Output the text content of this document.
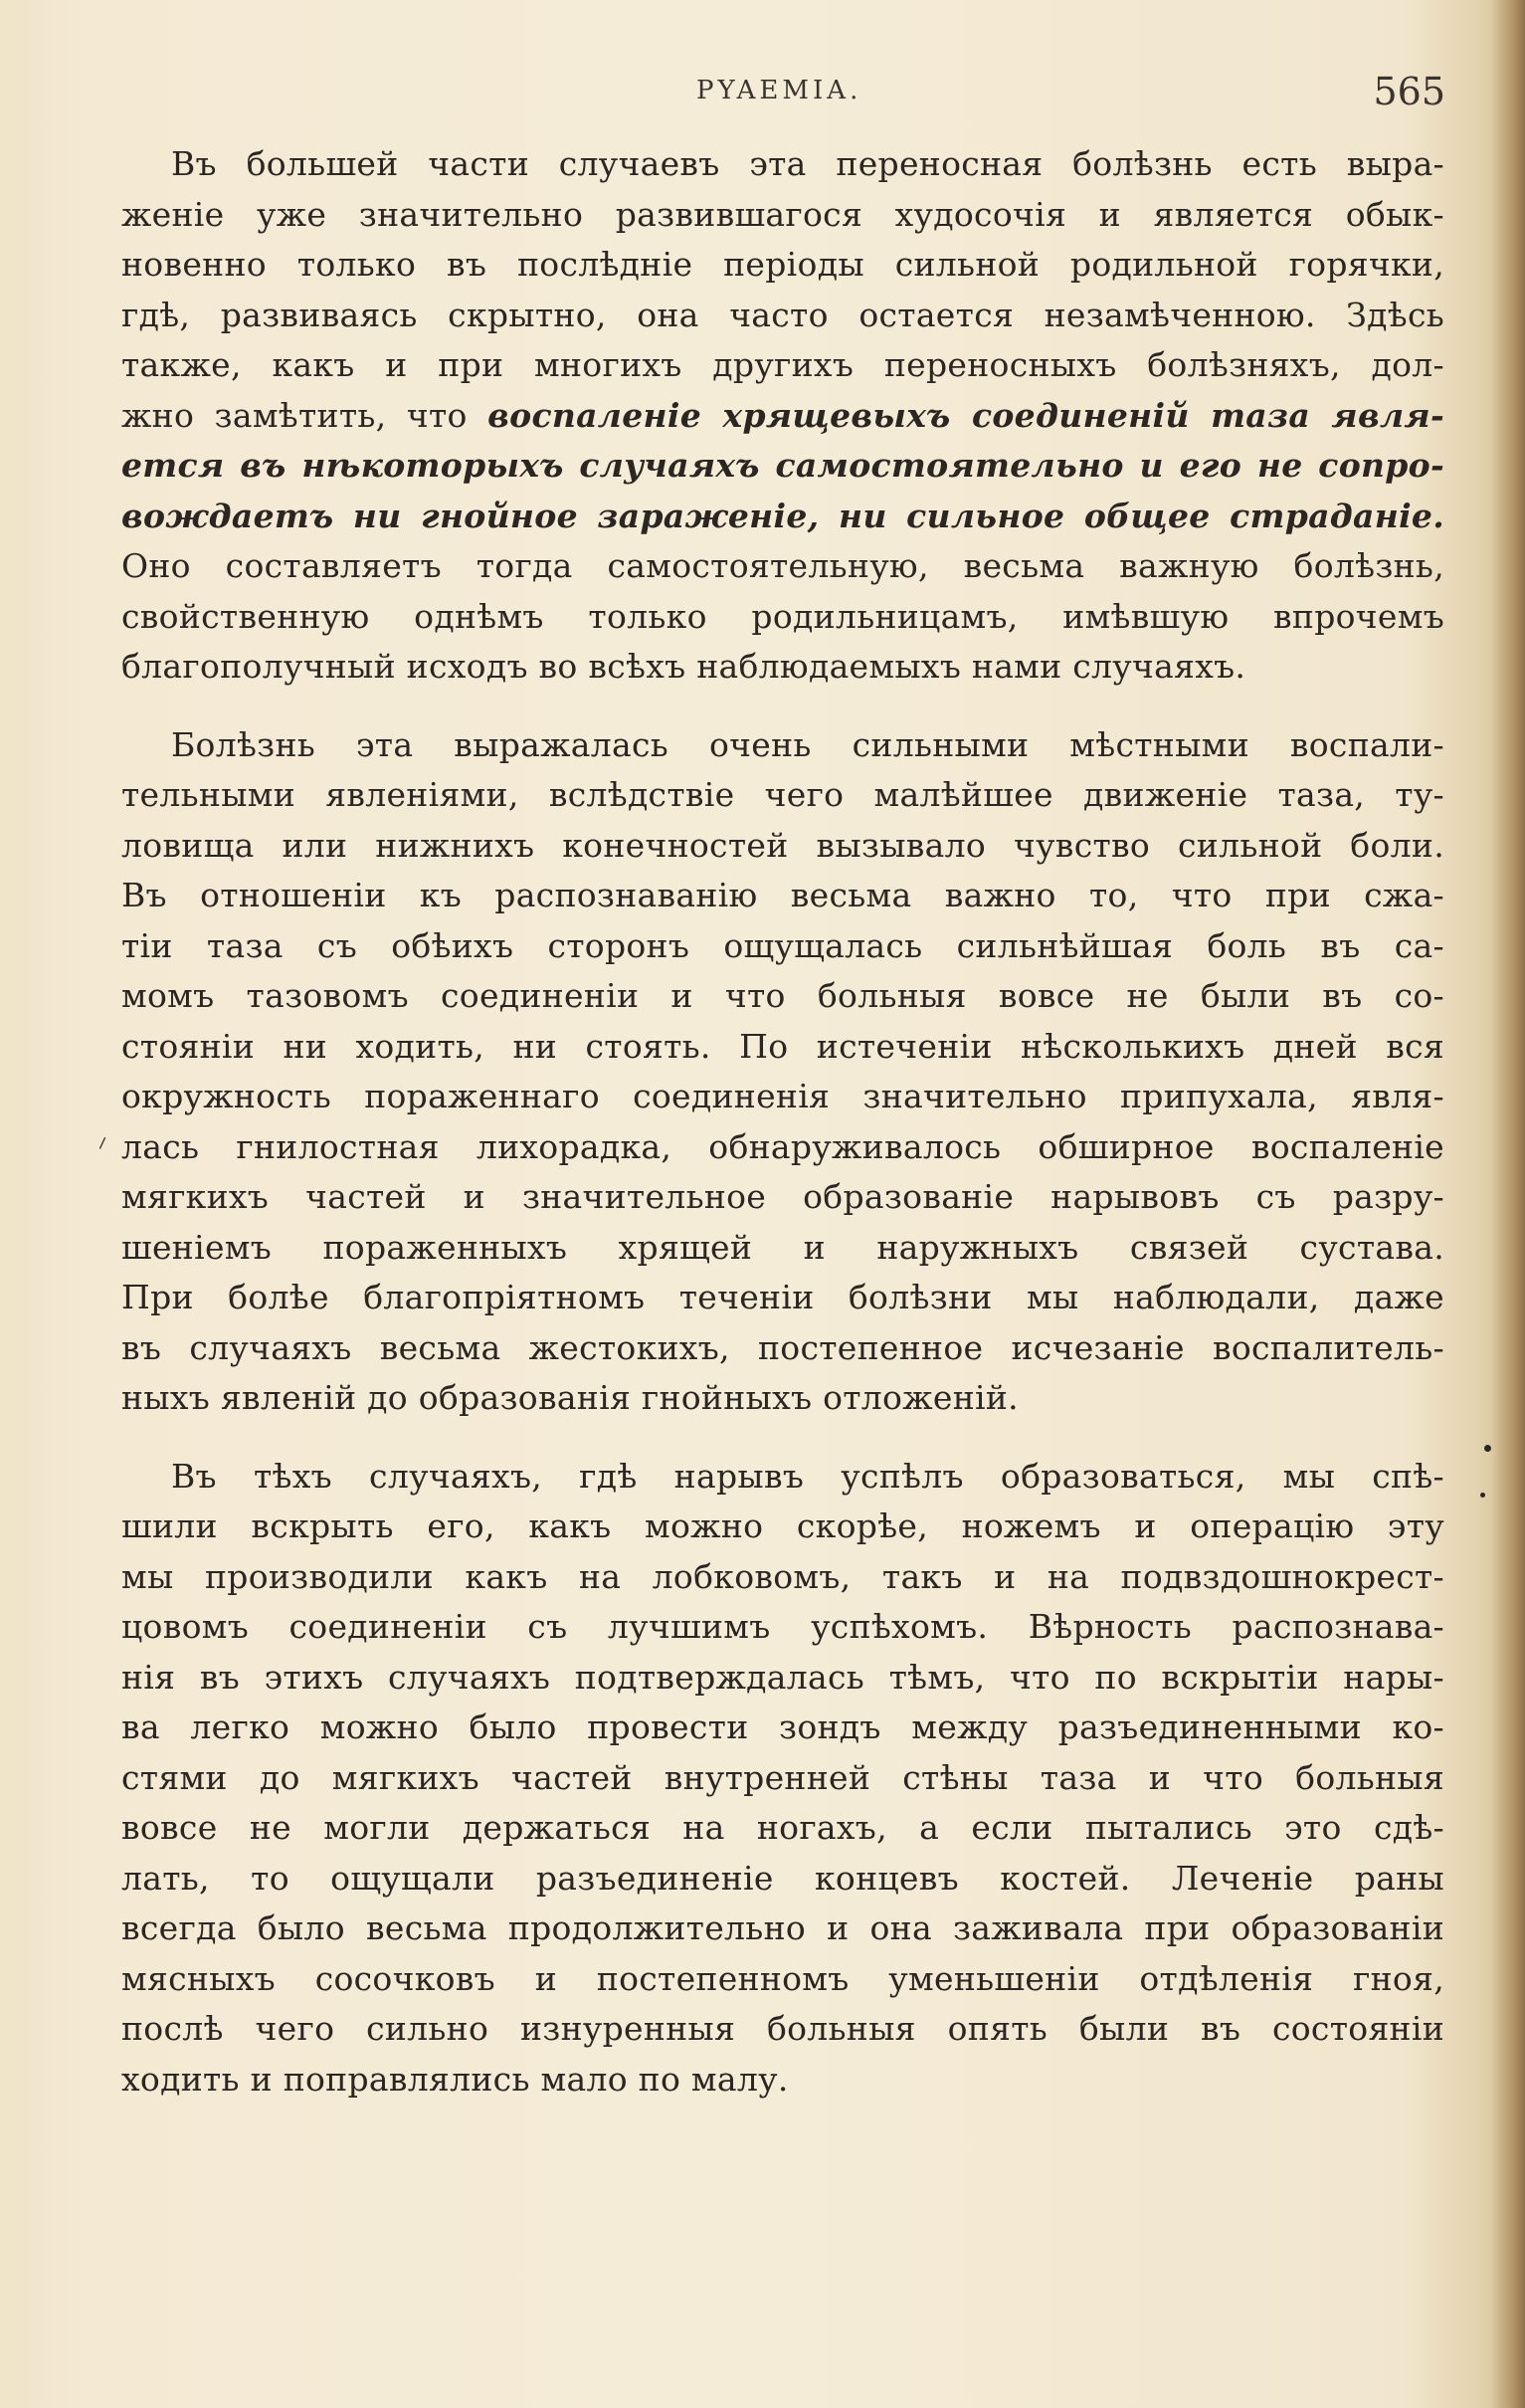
PYAEMIA.	565
⸝
Въ большей части случаевъ эта переносная болѣзнь есть выра-
женіе уже значительно развившагося худосочія и является обык-
новенно только въ послѣдніе періоды сильной родильной горячки,
гдѣ, развиваясь скрытно, она часто остается незамѣченною. Здѣсь
также, какъ и при многихъ другихъ переносныхъ болѣзняхъ, дол-
жно замѣтить, что воспаленіе хрящевыхъ соединеній таза явля-
ется въ нѣкоторыхъ случаяхъ самостоятельно и его не сопро-
вождаетъ ни гнойное зараженіе, ни сильное общее страданіе.
Оно составляетъ тогда самостоятельную, весьма важную болѣзнь,
свойственную однѣмъ только родильницамъ, имѣвшую впрочемъ
благополучный исходъ во всѣхъ наблюдаемыхъ нами случаяхъ.
Болѣзнь эта выражалась очень сильными мѣстными воспали-
тельными явленіями, вслѣдствіе чего малѣйшее движеніе таза, ту-
ловища или нижнихъ конечностей вызывало чувство сильной боли.
Въ отношеніи къ распознаванію весьма важно то, что при сжа-
тіи таза съ обѣихъ сторонъ ощущалась сильнѣйшая боль въ са-
момъ тазовомъ соединеніи и что больныя вовсе не были въ со-
стояніи ни ходить, ни стоять. По истеченіи нѣсколькихъ дней вся
окружность пораженнаго соединенія значительно припухала, явля-
лась гнилостная лихорадка, обнаруживалось обширное воспаленіе
мягкихъ частей и значительное образованіе нарывовъ съ разру-
шеніемъ пораженныхъ хрящей и наружныхъ связей сустава.
При болѣе благопріятномъ теченіи болѣзни мы наблюдали, даже
въ случаяхъ весьма жестокихъ, постепенное исчезаніе воспалитель-
ныхъ явленій до образованія гнойныхъ отложеній.
Въ тѣхъ случаяхъ, гдѣ нарывъ успѣлъ образоваться, мы спѣ-
шили вскрыть его, какъ можно скорѣе, ножемъ и операцію эту
мы производили какъ на лобковомъ, такъ и на подвздошнокрест-
цовомъ соединеніи съ лучшимъ успѣхомъ. Вѣрность распознава-
нія въ этихъ случаяхъ подтверждалась тѣмъ, что по вскрытіи нары-
ва легко можно было провести зондъ между разъединенными ко-
стями до мягкихъ частей внутренней стѣны таза и что больныя
вовсе не могли держаться на ногахъ, а если пытались это сдѣ-
лать, то ощущали разъединеніе концевъ костей. Леченіе раны
всегда было весьма продолжительно и она заживала при образованіи
мясныхъ сосочковъ и постепенномъ уменьшеніи отдѣленія гноя,
послѣ чего сильно изнуренныя больныя опять были въ состояніи
ходить и поправлялись мало по малу.
